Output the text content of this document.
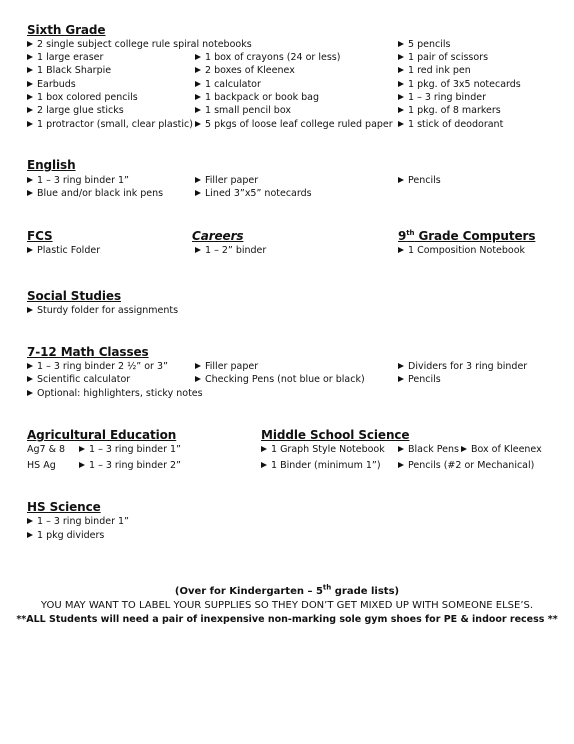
Sixth Grade
2 single subject college rule spiral notebooks
1 large eraser
1 Black Sharpie
Earbuds
1 box colored pencils
2 large glue sticks
1 protractor (small, clear plastic)
1 box of crayons (24 or less)
2 boxes of Kleenex
1 calculator
1 backpack or book bag
1 small pencil box
5 pkgs of loose leaf college ruled paper
5 pencils
1 pair of scissors
1 red ink pen
1 pkg. of 3x5 notecards
1 – 3 ring binder
1 pkg. of 8 markers
1 stick of deodorant
English
1 – 3 ring binder 1”
Blue and/or black ink pens
Filler paper
Lined 3”x5” notecards
Pencils
FCS
Plastic Folder
Careers
1 – 2” binder
9th Grade Computers
1 Composition Notebook
Social Studies
Sturdy folder for assignments
7-12 Math Classes
1 – 3 ring binder 2 ½” or 3”
Scientific calculator
Optional: highlighters, sticky notes
Filler paper
Checking Pens (not blue or black)
Dividers for 3 ring binder
Pencils
Agricultural Education
Ag7 & 8	1 – 3 ring binder 1”
HS Ag	1 – 3 ring binder 2”
Middle School Science
1 Graph Style Notebook
1 Binder (minimum 1”)
Black Pens	Box of Kleenex
Pencils (#2 or Mechanical)
HS Science
1 – 3 ring binder 1”
1 pkg dividers
(Over for Kindergarten – 5th grade lists)
YOU MAY WANT TO LABEL YOUR SUPPLIES SO THEY DON’T GET MIXED UP WITH SOMEONE ELSE’S.
**ALL Students will need a pair of inexpensive non-marking sole gym shoes for PE & indoor recess **
